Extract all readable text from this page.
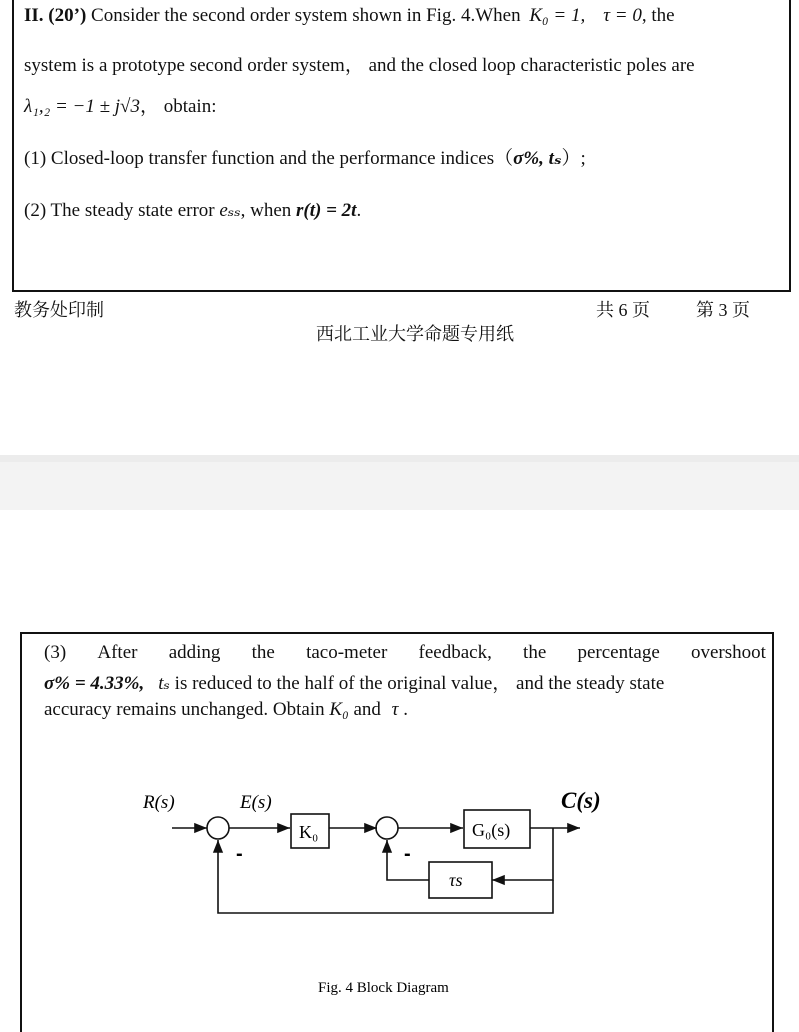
II. (20’) Consider the second order system shown in Fig. 4.When K₀ = 1, τ = 0, the
system is a prototype second order system， and the closed loop characteristic poles are
λ₁,₂ = −1 ± j√3， obtain:
(1) Closed-loop transfer function and the performance indices（σ%, tₛ）;
(2) The steady state error eₛₛ, when r(t) = 2t.
教务处印制	共 6 页	第 3 页
西北工业大学命题专用纸
(3) After adding the taco-meter feedback, the percentage overshoot
σ% = 4.33%, tₛ is reduced to the half of the original value， and the steady state
accuracy remains unchanged. Obtain K₀ and τ .
R(s)	E(s)	C(s)
K₀	G₀(s)
τs
-	-
Fig. 4 Block Diagram
